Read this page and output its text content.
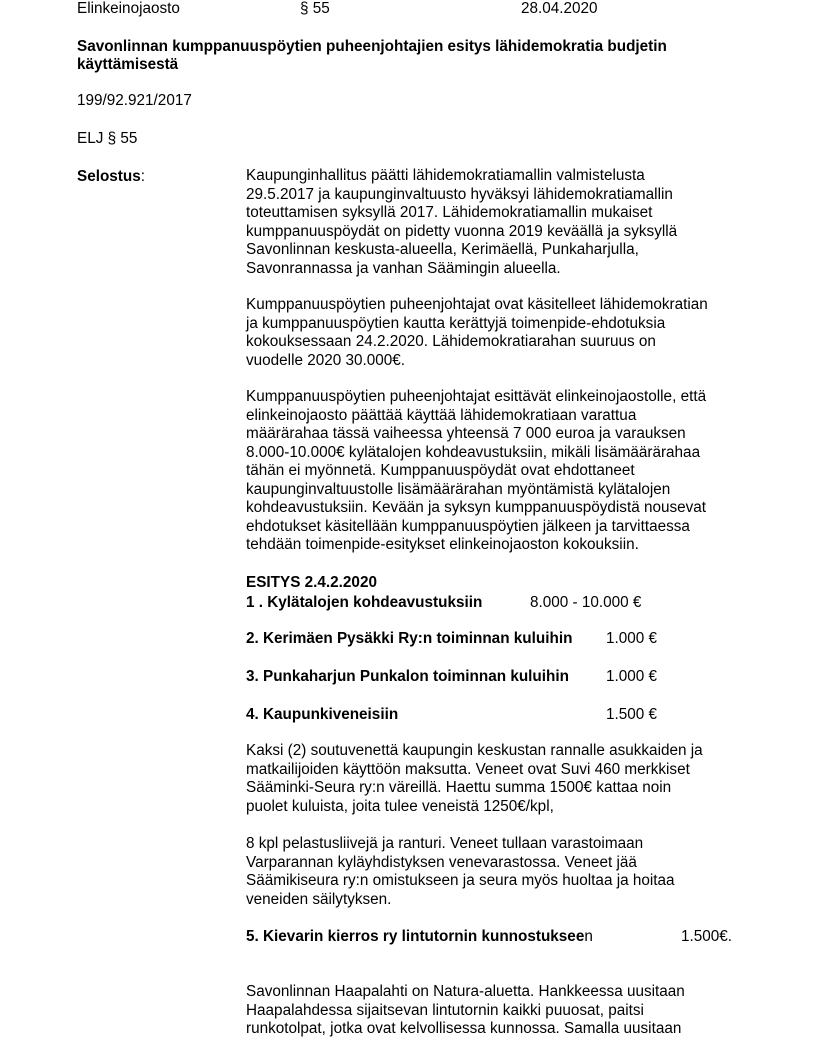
Elinkeinojaosto	§ 55	28.04.2020
Savonlinnan kumppanuuspöytien puheenjohtajien esitys lähidemokratia budjetin
käyttämisestä
199/92.921/2017
ELJ § 55
Selostus:	Kaupunginhallitus päätti lähidemokratiamallin valmistelusta
29.5.2017 ja kaupunginvaltuusto hyväksyi lähidemokratiamallin
toteuttamisen syksyllä 2017. Lähidemokratiamallin mukaiset
kumppanuuspöydät on pidetty vuonna 2019 keväällä ja syksyllä
Savonlinnan keskusta-alueella, Kerimäellä, Punkaharjulla,
Savonrannassa ja vanhan Säämingin alueella.
Kumppanuuspöytien puheenjohtajat ovat käsitelleet lähidemokratian
ja kumppanuuspöytien kautta kerättyjä toimenpide-ehdotuksia
kokouksessaan 24.2.2020. Lähidemokratiarahan suuruus on
vuodelle 2020 30.000€.
Kumppanuuspöytien puheenjohtajat esittävät elinkeinojaostolle, että
elinkeinojaosto päättää käyttää lähidemokratiaan varattua
määrärahaa tässä vaiheessa yhteensä 7 000 euroa ja varauksen
8.000-10.000€ kylätalojen kohdeavustuksiin, mikäli lisämäärärahaa
tähän ei myönnetä. Kumppanuuspöydät ovat ehdottaneet
kaupunginvaltuustolle lisämäärärahan myöntämistä kylätalojen
kohdeavustuksiin. Kevään ja syksyn kumppanuuspöydistä nousevat
ehdotukset käsitellään kumppanuuspöytien jälkeen ja tarvittaessa
tehdään toimenpide-esitykset elinkeinojaoston kokouksiin.
ESITYS 2.4.2.2020
1 . Kylätalojen kohdeavustuksiin	8.000 - 10.000 €
2. Kerimäen Pysäkki Ry:n toiminnan kuluihin 1.000 €
3. Punkaharjun Punkalon toiminnan kuluihin 1.000 €
4. Kaupunkiveneisiin	1.500 €
Kaksi (2) soutuvenettä kaupungin keskustan rannalle asukkaiden ja
matkailijoiden käyttöön maksutta. Veneet ovat Suvi 460 merkkiset
Sääminki-Seura ry:n väreillä. Haettu summa 1500€ kattaa noin
puolet kuluista, joita tulee veneistä 1250€/kpl,
8 kpl pelastusliivejä ja ranturi. Veneet tullaan varastoimaan
Varparannan kyläyhdistyksen venevarastossa. Veneet jää
Säämikiseura ry:n omistukseen ja seura myös huoltaa ja hoitaa
veneiden säilytyksen.
5. Kievarin kierros ry lintutornin kunnostukseen	1.500€.
Savonlinnan Haapalahti on Natura-aluetta. Hankkeessa uusitaan
Haapalahdessa sijaitsevan lintutornin kaikki puuosat, paitsi
runkotolpat, jotka ovat kelvollisessa kunnossa. Samalla uusitaan
